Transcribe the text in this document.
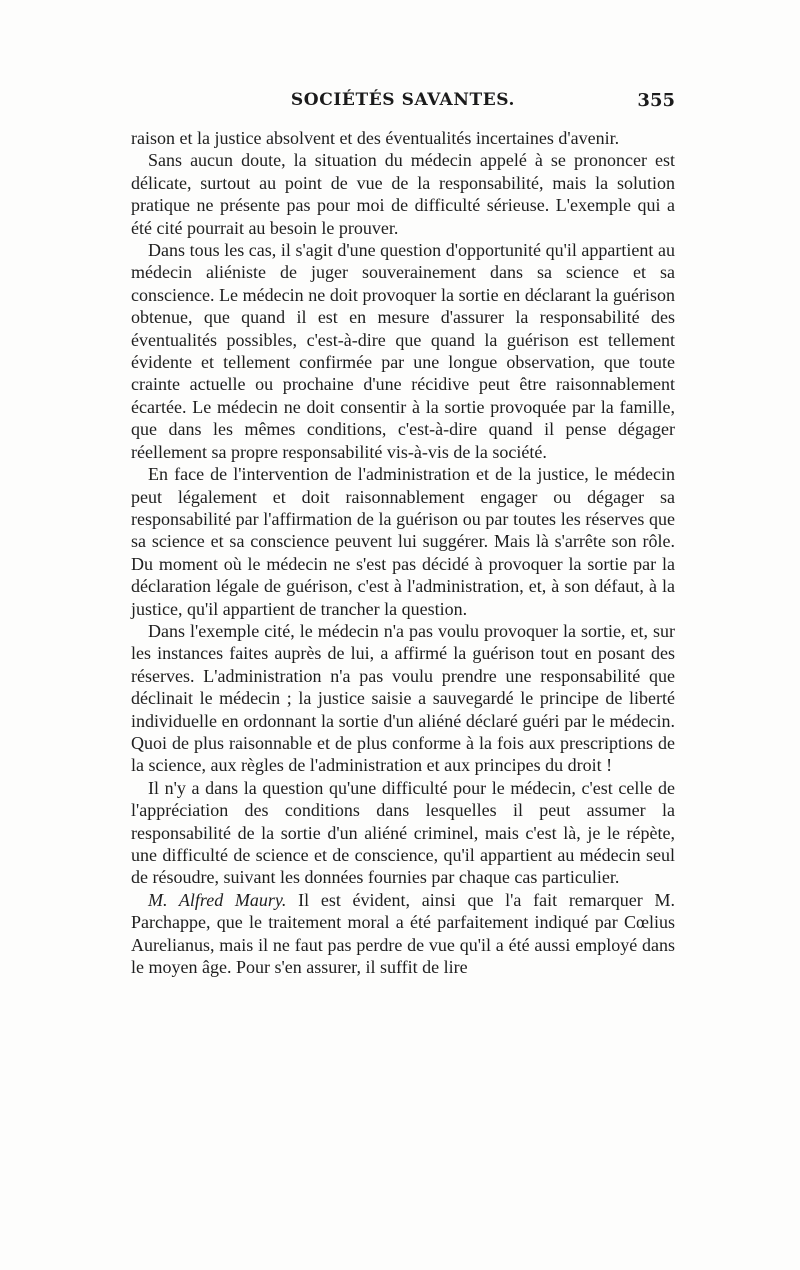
SOCIÉTÉS SAVANTES.	355

raison et la justice absolvent et des éventualités incertaines d'avenir.

Sans aucun doute, la situation du médecin appelé à se prononcer est délicate, surtout au point de vue de la responsabilité, mais la solution pratique ne présente pas pour moi de difficulté sérieuse. L'exemple qui a été cité pourrait au besoin le prouver.

Dans tous les cas, il s'agit d'une question d'opportunité qu'il appartient au médecin aliéniste de juger souverainement dans sa science et sa conscience. Le médecin ne doit provoquer la sortie en déclarant la guérison obtenue, que quand il est en mesure d'assurer la responsabilité des éventualités possibles, c'est-à-dire que quand la guérison est tellement évidente et tellement confirmée par une longue observation, que toute crainte actuelle ou prochaine d'une récidive peut être raisonnablement écartée. Le médecin ne doit consentir à la sortie provoquée par la famille, que dans les mêmes conditions, c'est-à-dire quand il pense dégager réellement sa propre responsabilité vis-à-vis de la société.

En face de l'intervention de l'administration et de la justice, le médecin peut légalement et doit raisonnablement engager ou dégager sa responsabilité par l'affirmation de la guérison ou par toutes les réserves que sa science et sa conscience peuvent lui suggérer. Mais là s'arrête son rôle. Du moment où le médecin ne s'est pas décidé à provoquer la sortie par la déclaration légale de guérison, c'est à l'administration, et, à son défaut, à la justice, qu'il appartient de trancher la question.

Dans l'exemple cité, le médecin n'a pas voulu provoquer la sortie, et, sur les instances faites auprès de lui, a affirmé la guérison tout en posant des réserves. L'administration n'a pas voulu prendre une responsabilité que déclinait le médecin ; la justice saisie a sauvegardé le principe de liberté individuelle en ordonnant la sortie d'un aliéné déclaré guéri par le médecin. Quoi de plus raisonnable et de plus conforme à la fois aux prescriptions de la science, aux règles de l'administration et aux principes du droit !

Il n'y a dans la question qu'une difficulté pour le médecin, c'est celle de l'appréciation des conditions dans lesquelles il peut assumer la responsabilité de la sortie d'un aliéné criminel, mais c'est là, je le répète, une difficulté de science et de conscience, qu'il appartient au médecin seul de résoudre, suivant les données fournies par chaque cas particulier.

M. Alfred Maury. Il est évident, ainsi que l'a fait remarquer M. Parchappe, que le traitement moral a été parfaitement indiqué par Cœlius Aurelianus, mais il ne faut pas perdre de vue qu'il a été aussi employé dans le moyen âge. Pour s'en assurer, il suffit de lire
